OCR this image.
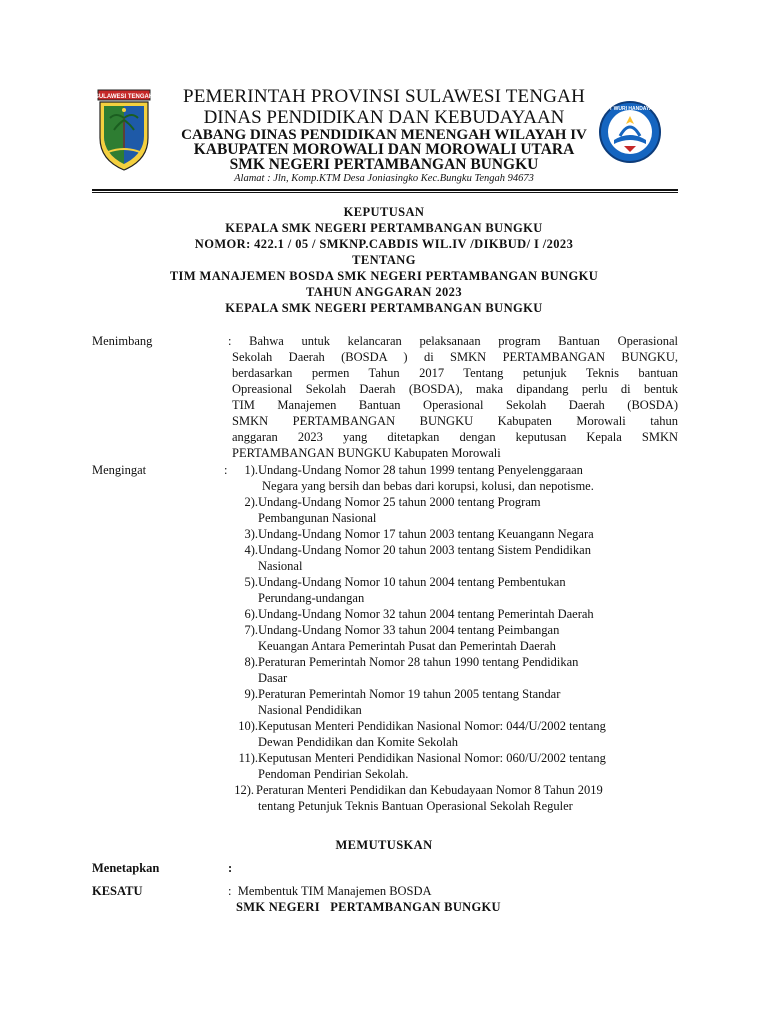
SULAWESI TENGAH
TUT WURI HANDAYANI
PEMERINTAH PROVINSI SULAWESI TENGAH
DINAS PENDIDIKAN DAN KEBUDAYAAN
CABANG DINAS PENDIDIKAN MENENGAH WILAYAH IV
KABUPATEN MOROWALI DAN MOROWALI UTARA
SMK NEGERI PERTAMBANGAN BUNGKU
Alamat : Jln, Komp.KTM Desa Joniasingko Kec.Bungku Tengah 94673
KEPUTUSAN
KEPALA SMK NEGERI PERTAMBANGAN BUNGKU
NOMOR: 422.1 / 05 / SMKNP.CABDIS WIL.IV /DIKBUD/ I /2023
TENTANG
TIM MANAJEMEN BOSDA SMK NEGERI PERTAMBANGAN BUNGKU
TAHUN ANGGARAN 2023
KEPALA SMK NEGERI PERTAMBANGAN BUNGKU
Menimbang	: Bahwa untuk kelancaran pelaksanaan program Bantuan Operasional
Sekolah Daerah (BOSDA ) di SMKN PERTAMBANGAN BUNGKU,
berdasarkan permen Tahun 2017 Tentang petunjuk Teknis bantuan
Opreasional Sekolah Daerah (BOSDA), maka dipandang perlu di bentuk
TIM Manajemen Bantuan Operasional Sekolah Daerah (BOSDA)
SMKN PERTAMBANGAN BUNGKU Kabupaten Morowali tahun
anggaran 2023 yang ditetapkan dengan keputusan Kepala SMKN
PERTAMBANGAN BUNGKU Kabupaten Morowali
Mengingat	:	1). Undang-Undang Nomor 28 tahun 1999 tentang Penyelenggaraan
Negara yang bersih dan bebas dari korupsi, kolusi, dan nepotisme.
2). Undang-Undang Nomor 25 tahun 2000 tentang Program
Pembangunan Nasional
3). Undang-Undang Nomor 17 tahun 2003 tentang Keuangann Negara
4). Undang-Undang Nomor 20 tahun 2003 tentang Sistem Pendidikan
Nasional
5). Undang-Undang Nomor 10 tahun 2004 tentang Pembentukan
Perundang-undangan
6). Undang-Undang Nomor 32 tahun 2004 tentang Pemerintah Daerah
7). Undang-Undang Nomor 33 tahun 2004 tentang Peimbangan
Keuangan Antara Pemerintah Pusat dan Pemerintah Daerah
8). Peraturan Pemerintah Nomor 28 tahun 1990 tentang Pendidikan
Dasar
9). Peraturan Pemerintah Nomor 19 tahun 2005 tentang Standar
Nasional Pendidikan
10). Keputusan Menteri Pendidikan Nasional Nomor: 044/U/2002 tentang
Dewan Pendidikan dan Komite Sekolah
11). Keputusan Menteri Pendidikan Nasional Nomor: 060/U/2002 tentang
Pendoman Pendirian Sekolah.
12). Peraturan Menteri Pendidikan dan Kebudayaan Nomor 8 Tahun 2019
tentang Petunjuk Teknis Bantuan Operasional Sekolah Reguler
MEMUTUSKAN
Menetapkan	:
KESATU	:  Membentuk TIM Manajemen BOSDA
SMK NEGERI   PERTAMBANGAN BUNGKU
